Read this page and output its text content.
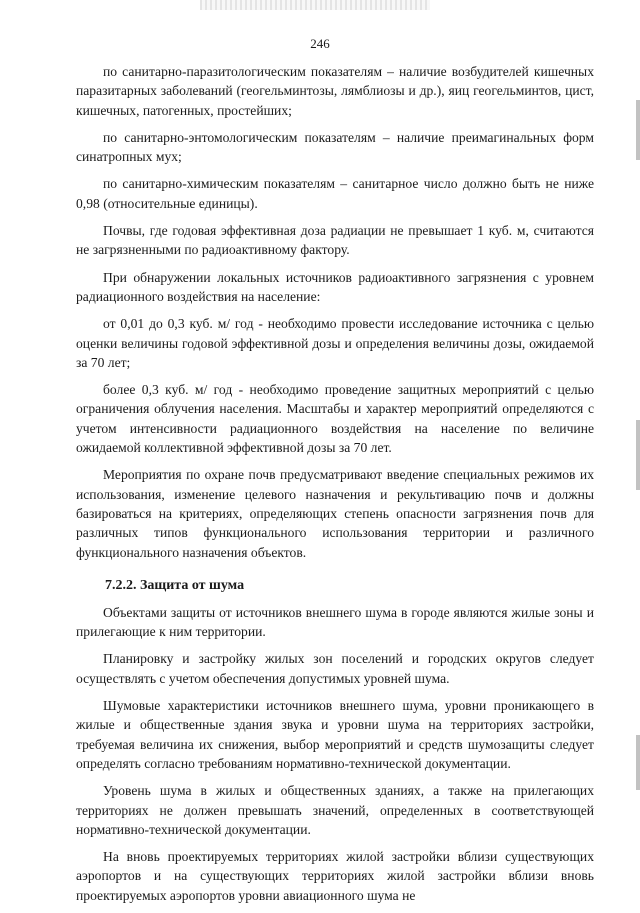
246

по санитарно-паразитологическим показателям – наличие возбудителей кишечных паразитарных заболеваний (геогельминтозы, лямблиозы и др.), яиц геогельминтов, цист, кишечных, патогенных, простейших;

по санитарно-энтомологическим показателям – наличие преимагинальных форм синатропных мух;

по санитарно-химическим показателям – санитарное число должно быть не ниже 0,98 (относительные единицы).

Почвы, где годовая эффективная доза радиации не превышает 1 куб. м, считаются не загрязненными по радиоактивному фактору.

При обнаружении локальных источников радиоактивного загрязнения с уровнем радиационного воздействия на население:

от 0,01 до 0,3 куб. м/ год - необходимо провести исследование источника с целью оценки величины годовой эффективной дозы и определения величины дозы, ожидаемой за 70 лет;

более 0,3 куб. м/ год - необходимо проведение защитных мероприятий с целью ограничения облучения населения. Масштабы и характер мероприятий определяются с учетом интенсивности радиационного воздействия на население по величине ожидаемой коллективной эффективной дозы за 70 лет.

Мероприятия по охране почв предусматривают введение специальных режимов их использования, изменение целевого назначения и рекультивацию почв и должны базироваться на критериях, определяющих степень опасности загрязнения почв для различных типов функционального использования территории и различного функционального назначения объектов.

7.2.2. Защита от шума

Объектами защиты от источников внешнего шума в городе являются жилые зоны и прилегающие к ним территории.

Планировку и застройку жилых зон поселений и городских округов следует осуществлять с учетом обеспечения допустимых уровней шума.

Шумовые характеристики источников внешнего шума, уровни проникающего в жилые и общественные здания звука и уровни шума на территориях застройки, требуемая величина их снижения, выбор мероприятий и средств шумозащиты следует определять согласно требованиям нормативно-технической документации.

Уровень шума в жилых и общественных зданиях, а также на прилегающих территориях не должен превышать значений, определенных в соответствующей нормативно-технической документации.

На вновь проектируемых территориях жилой застройки вблизи существующих аэропортов и на существующих территориях жилой застройки вблизи вновь проектируемых аэропортов уровни авиационного шума не
